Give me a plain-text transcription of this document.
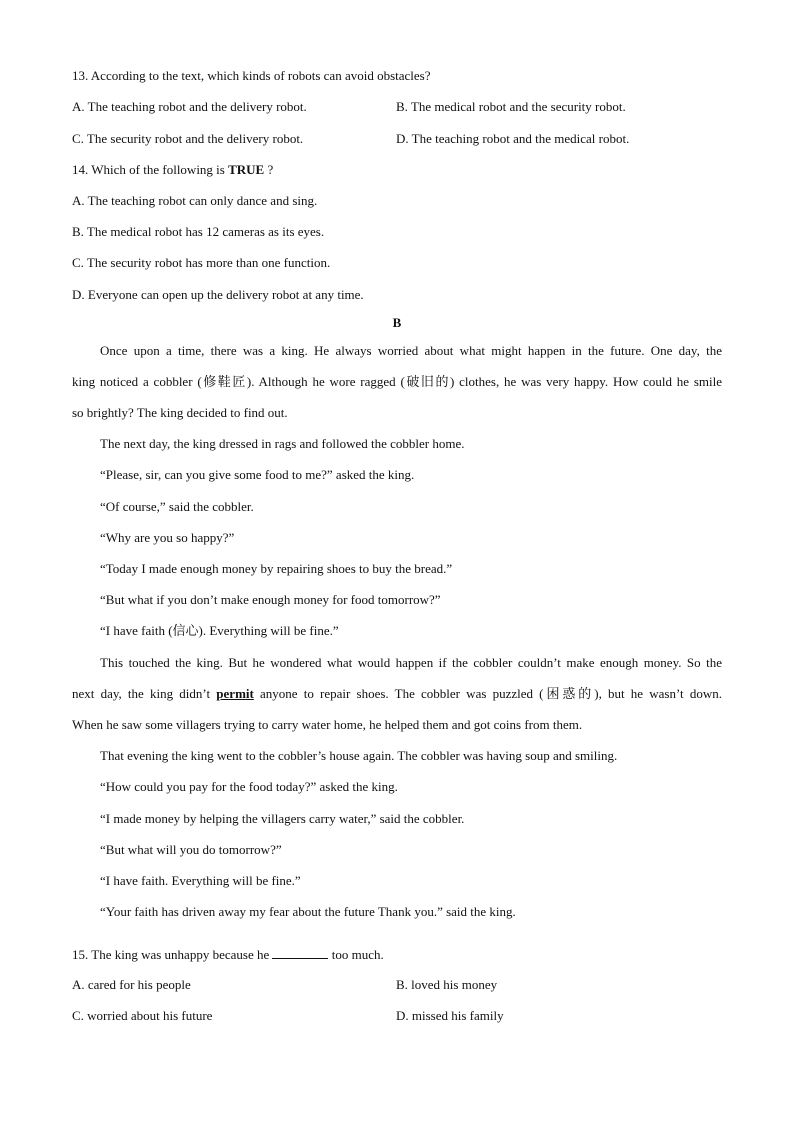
13. According to the text, which kinds of robots can avoid obstacles?
A. The teaching robot and the delivery robot.	B. The medical robot and the security robot.
C. The security robot and the delivery robot.	D. The teaching robot and the medical robot.
14. Which of the following is TRUE ?
A. The teaching robot can only dance and sing.
B. The medical robot has 12 cameras as its eyes.
C. The security robot has more than one function.
D. Everyone can open up the delivery robot at any time.
B
Once upon a time, there was a king. He always worried about what might happen in the future. One day, the
king noticed a cobbler (修鞋匠). Although he wore ragged (破旧的) clothes, he was very happy. How could he smile
so brightly? The king decided to find out.
The next day, the king dressed in rags and followed the cobbler home.
“Please, sir, can you give some food to me?” asked the king.
“Of course,” said the cobbler.
“Why are you so happy?”
“Today I made enough money by repairing shoes to buy the bread.”
“But what if you don’t make enough money for food tomorrow?”
“I have faith (信心). Everything will be fine.”
This touched the king. But he wondered what would happen if the cobbler couldn’t make enough money. So the
next day, the king didn’t permit anyone to repair shoes. The cobbler was puzzled (困惑的), but he wasn’t down.
When he saw some villagers trying to carry water home, he helped them and got coins from them.
That evening the king went to the cobbler’s house again. The cobbler was having soup and smiling.
“How could you pay for the food today?” asked the king.
“I made money by helping the villagers carry water,” said the cobbler.
“But what will you do tomorrow?”
“I have faith. Everything will be fine.”
“Your faith has driven away my fear about the future Thank you.” said the king.
15. The king was unhappy because he	too much.
A. cared for his people	B. loved his money
C. worried about his future	D. missed his family
